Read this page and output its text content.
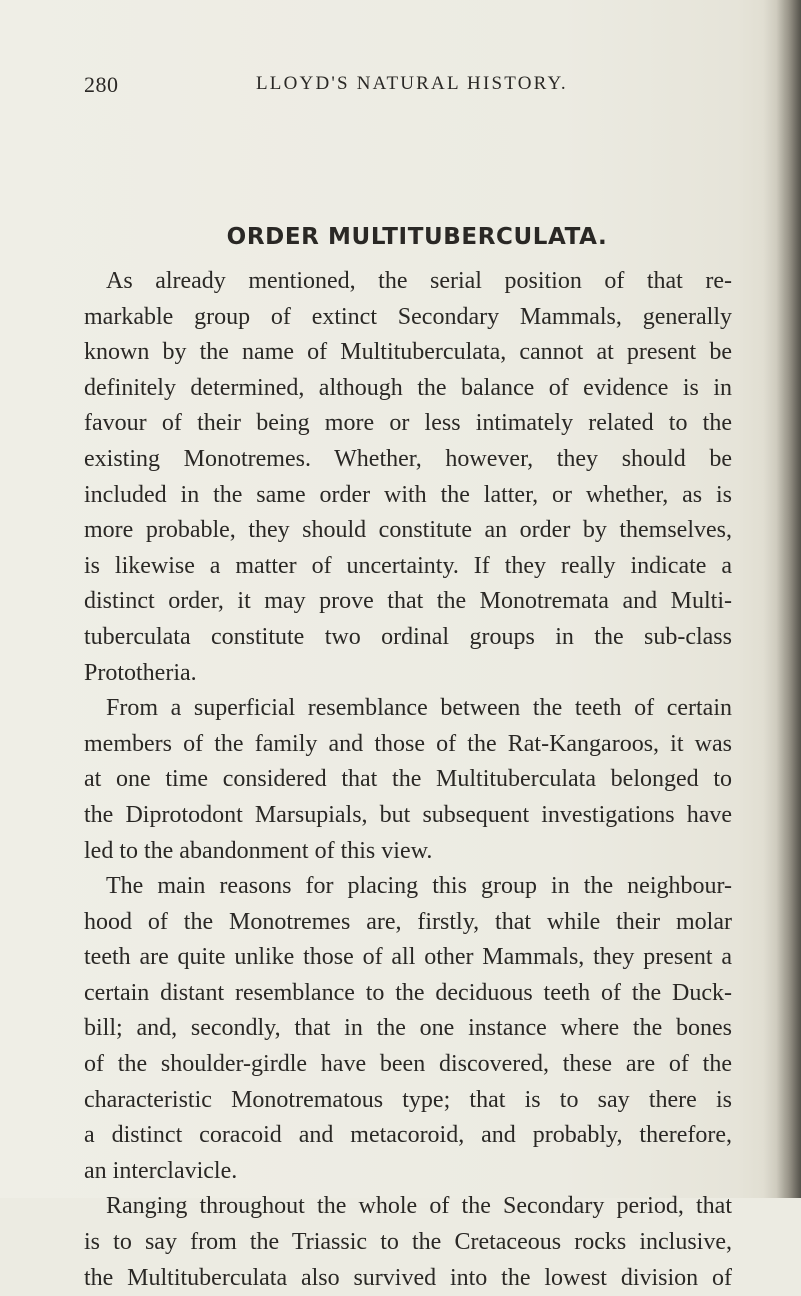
280	LLOYD'S NATURAL HISTORY.
ORDER MULTITUBERCULATA.
As already mentioned, the serial position of that re-
markable group of extinct Secondary Mammals, generally
known by the name of Multituberculata, cannot at present be
definitely determined, although the balance of evidence is in
favour of their being more or less intimately related to the
existing Monotremes. Whether, however, they should be
included in the same order with the latter, or whether, as is
more probable, they should constitute an order by themselves,
is likewise a matter of uncertainty. If they really indicate a
distinct order, it may prove that the Monotremata and Multi-
tuberculata constitute two ordinal groups in the sub-class
Prototheria.
From a superficial resemblance between the teeth of certain
members of the family and those of the Rat-Kangaroos, it was
at one time considered that the Multituberculata belonged to
the Diprotodont Marsupials, but subsequent investigations have
led to the abandonment of this view.
The main reasons for placing this group in the neighbour-
hood of the Monotremes are, firstly, that while their molar
teeth are quite unlike those of all other Mammals, they present a
certain distant resemblance to the deciduous teeth of the Duck-
bill; and, secondly, that in the one instance where the bones
of the shoulder-girdle have been discovered, these are of the
characteristic Monotrematous type; that is to say there is
a distinct coracoid and metacoroid, and probably, therefore,
an interclavicle.
Ranging throughout the whole of the Secondary period, that
is to say from the Triassic to the Cretaceous rocks inclusive,
the Multituberculata also survived into the lowest division of
